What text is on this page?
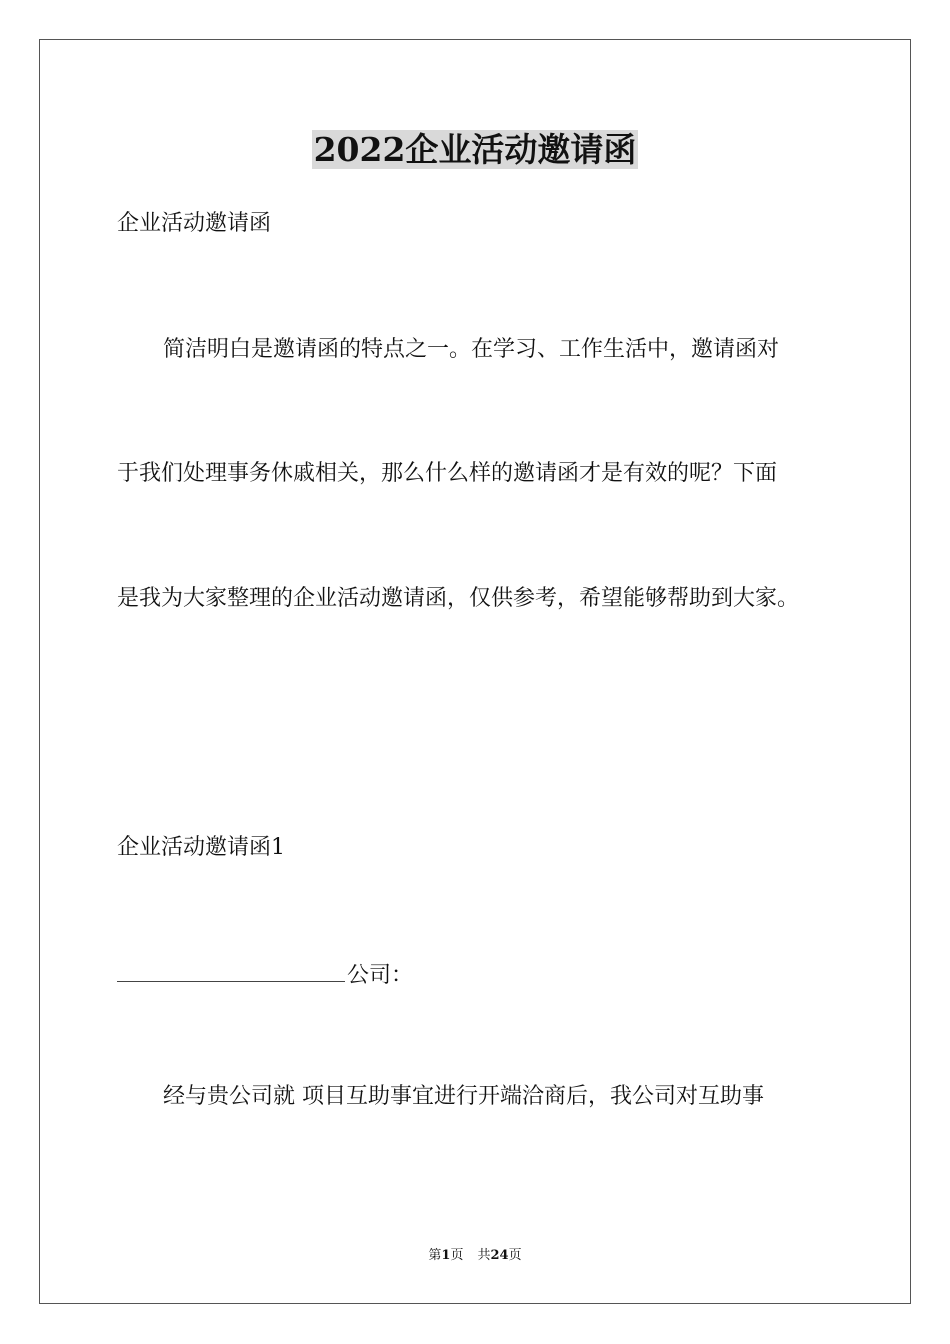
2022企业活动邀请函
企业活动邀请函
简洁明白是邀请函的特点之一。在学习、工作生活中，邀请函对
于我们处理事务休戚相关，那么什么样的邀请函才是有效的呢？下面
是我为大家整理的企业活动邀请函，仅供参考，希望能够帮助到大家。
企业活动邀请函1
公司：
经与贵公司就 项目互助事宜进行开端洽商后，我公司对互助事
第1页 共24页
